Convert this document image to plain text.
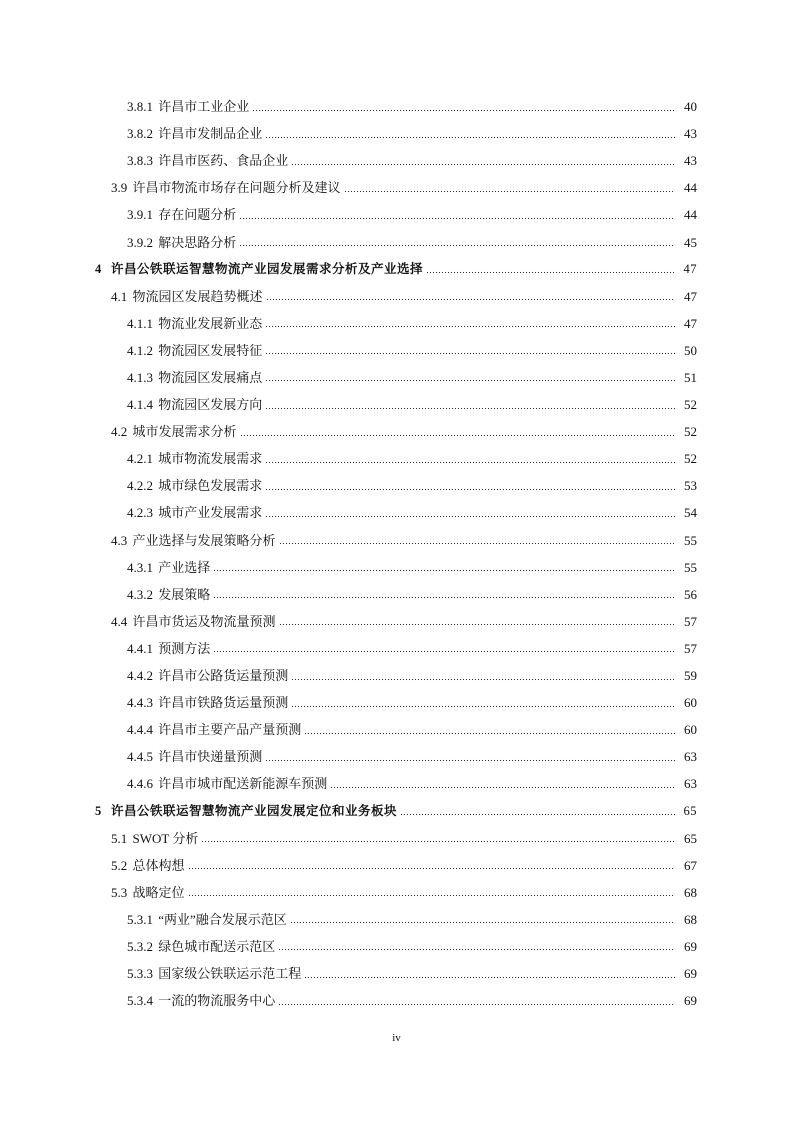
3.8.1 许昌市工业企业	40
3.8.2 许昌市发制品企业	43
3.8.3 许昌市医药、食品企业	43
3.9 许昌市物流市场存在问题分析及建议	44
3.9.1 存在问题分析	44
3.9.2 解决思路分析	45
4 许昌公铁联运智慧物流产业园发展需求分析及产业选择	47
4.1 物流园区发展趋势概述	47
4.1.1 物流业发展新业态	47
4.1.2 物流园区发展特征	50
4.1.3 物流园区发展痛点	51
4.1.4 物流园区发展方向	52
4.2 城市发展需求分析	52
4.2.1 城市物流发展需求	52
4.2.2 城市绿色发展需求	53
4.2.3 城市产业发展需求	54
4.3 产业选择与发展策略分析	55
4.3.1 产业选择	55
4.3.2 发展策略	56
4.4 许昌市货运及物流量预测	57
4.4.1 预测方法	57
4.4.2 许昌市公路货运量预测	59
4.4.3 许昌市铁路货运量预测	60
4.4.4 许昌市主要产品产量预测	60
4.4.5 许昌市快递量预测	63
4.4.6 许昌市城市配送新能源车预测	63
5 许昌公铁联运智慧物流产业园发展定位和业务板块	65
5.1 SWOT 分析	65
5.2 总体构想	67
5.3 战略定位	68
5.3.1 “两业”融合发展示范区	68
5.3.2 绿色城市配送示范区	69
5.3.3 国家级公铁联运示范工程	69
5.3.4 一流的物流服务中心	69
iv
